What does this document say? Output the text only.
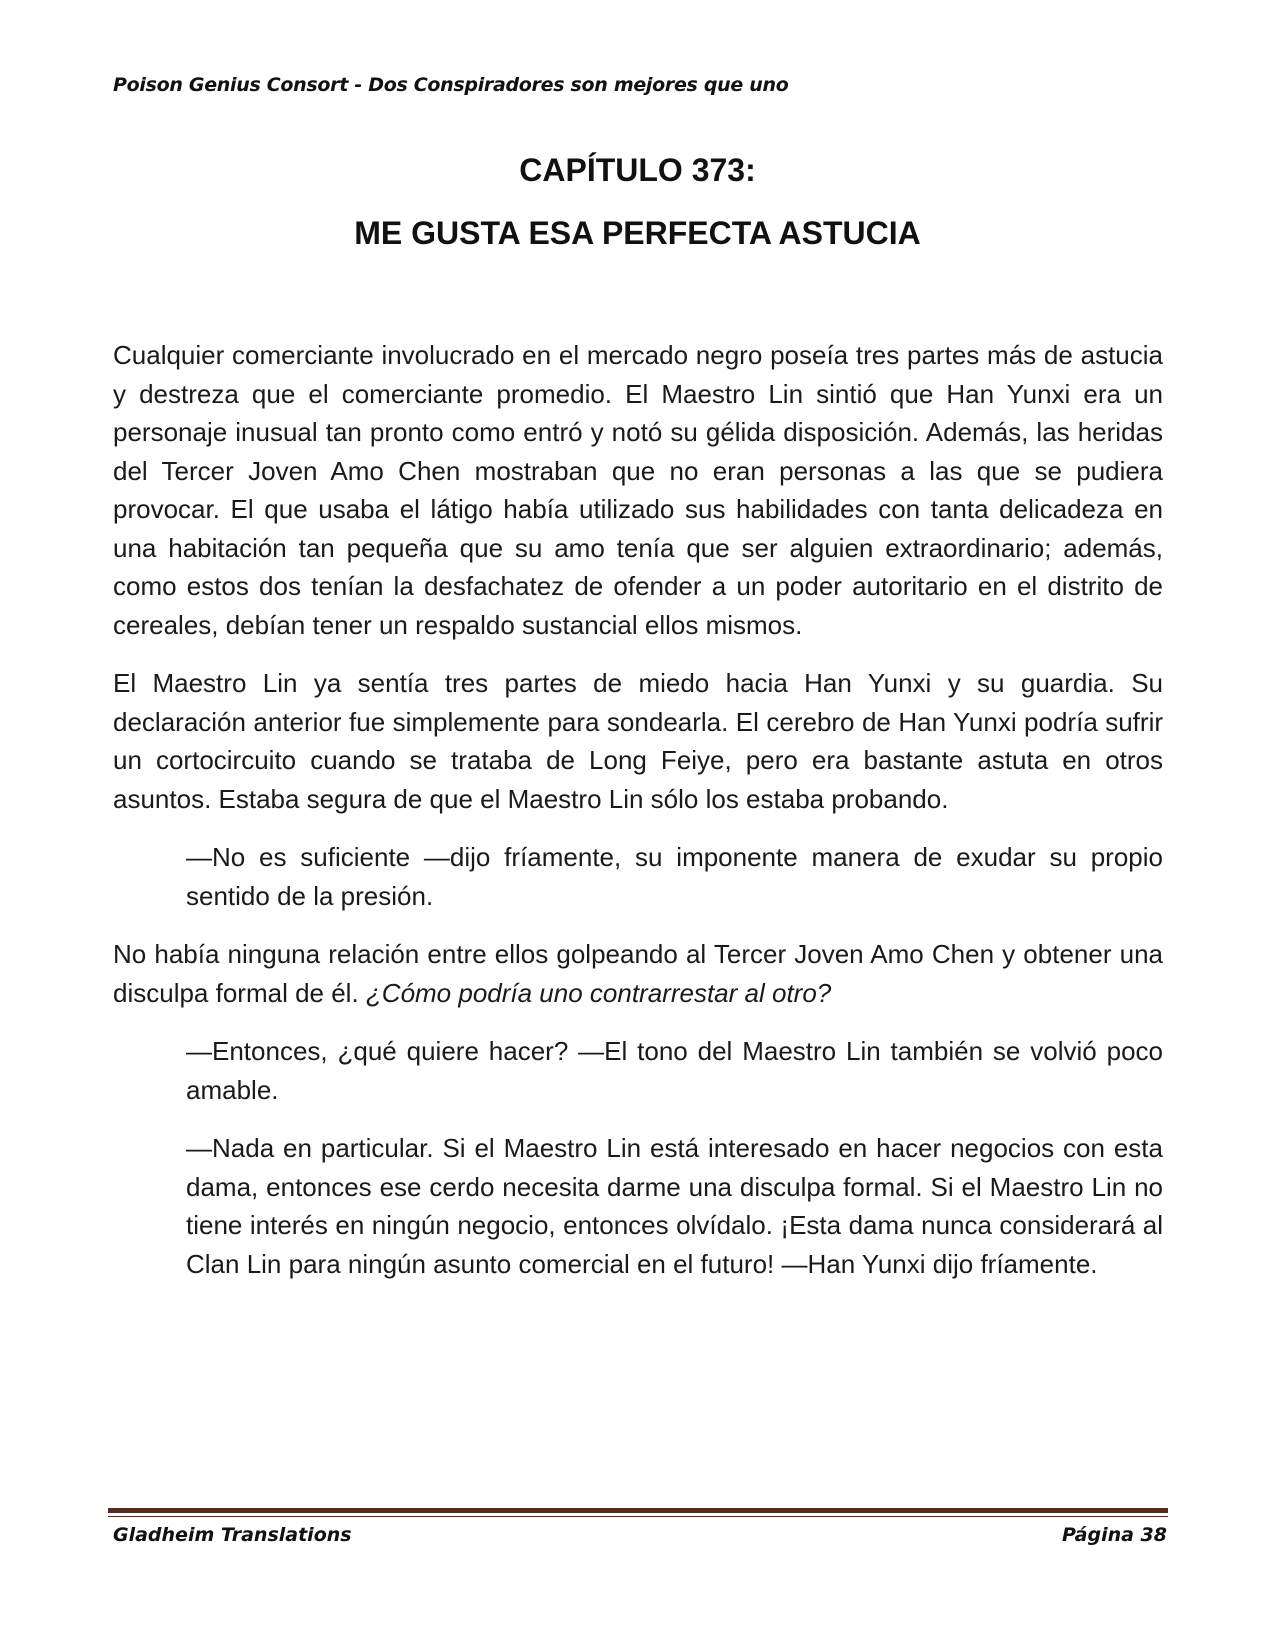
Poison Genius Consort - Dos Conspiradores son mejores que uno
CAPÍTULO 373:
ME GUSTA ESA PERFECTA ASTUCIA

Cualquier comerciante involucrado en el mercado negro poseía tres partes más de astucia y destreza que el comerciante promedio. El Maestro Lin sintió que Han Yunxi era un personaje inusual tan pronto como entró y notó su gélida disposición. Además, las heridas del Tercer Joven Amo Chen mostraban que no eran personas a las que se pudiera provocar. El que usaba el látigo había utilizado sus habilidades con tanta delicadeza en una habitación tan pequeña que su amo tenía que ser alguien extraordinario; además, como estos dos tenían la desfachatez de ofender a un poder autoritario en el distrito de cereales, debían tener un respaldo sustancial ellos mismos.

El Maestro Lin ya sentía tres partes de miedo hacia Han Yunxi y su guardia. Su declaración anterior fue simplemente para sondearla. El cerebro de Han Yunxi podría sufrir un cortocircuito cuando se trataba de Long Feiye, pero era bastante astuta en otros asuntos. Estaba segura de que el Maestro Lin sólo los estaba probando.

—No es suficiente —dijo fríamente, su imponente manera de exudar su propio sentido de la presión.

No había ninguna relación entre ellos golpeando al Tercer Joven Amo Chen y obtener una disculpa formal de él. ¿Cómo podría uno contrarrestar al otro?

—Entonces, ¿qué quiere hacer? —El tono del Maestro Lin también se volvió poco amable.

—Nada en particular. Si el Maestro Lin está interesado en hacer negocios con esta dama, entonces ese cerdo necesita darme una disculpa formal. Si el Maestro Lin no tiene interés en ningún negocio, entonces olvídalo. ¡Esta dama nunca considerará al Clan Lin para ningún asunto comercial en el futuro! —Han Yunxi dijo fríamente.

Gladheim Translations	Página 38
